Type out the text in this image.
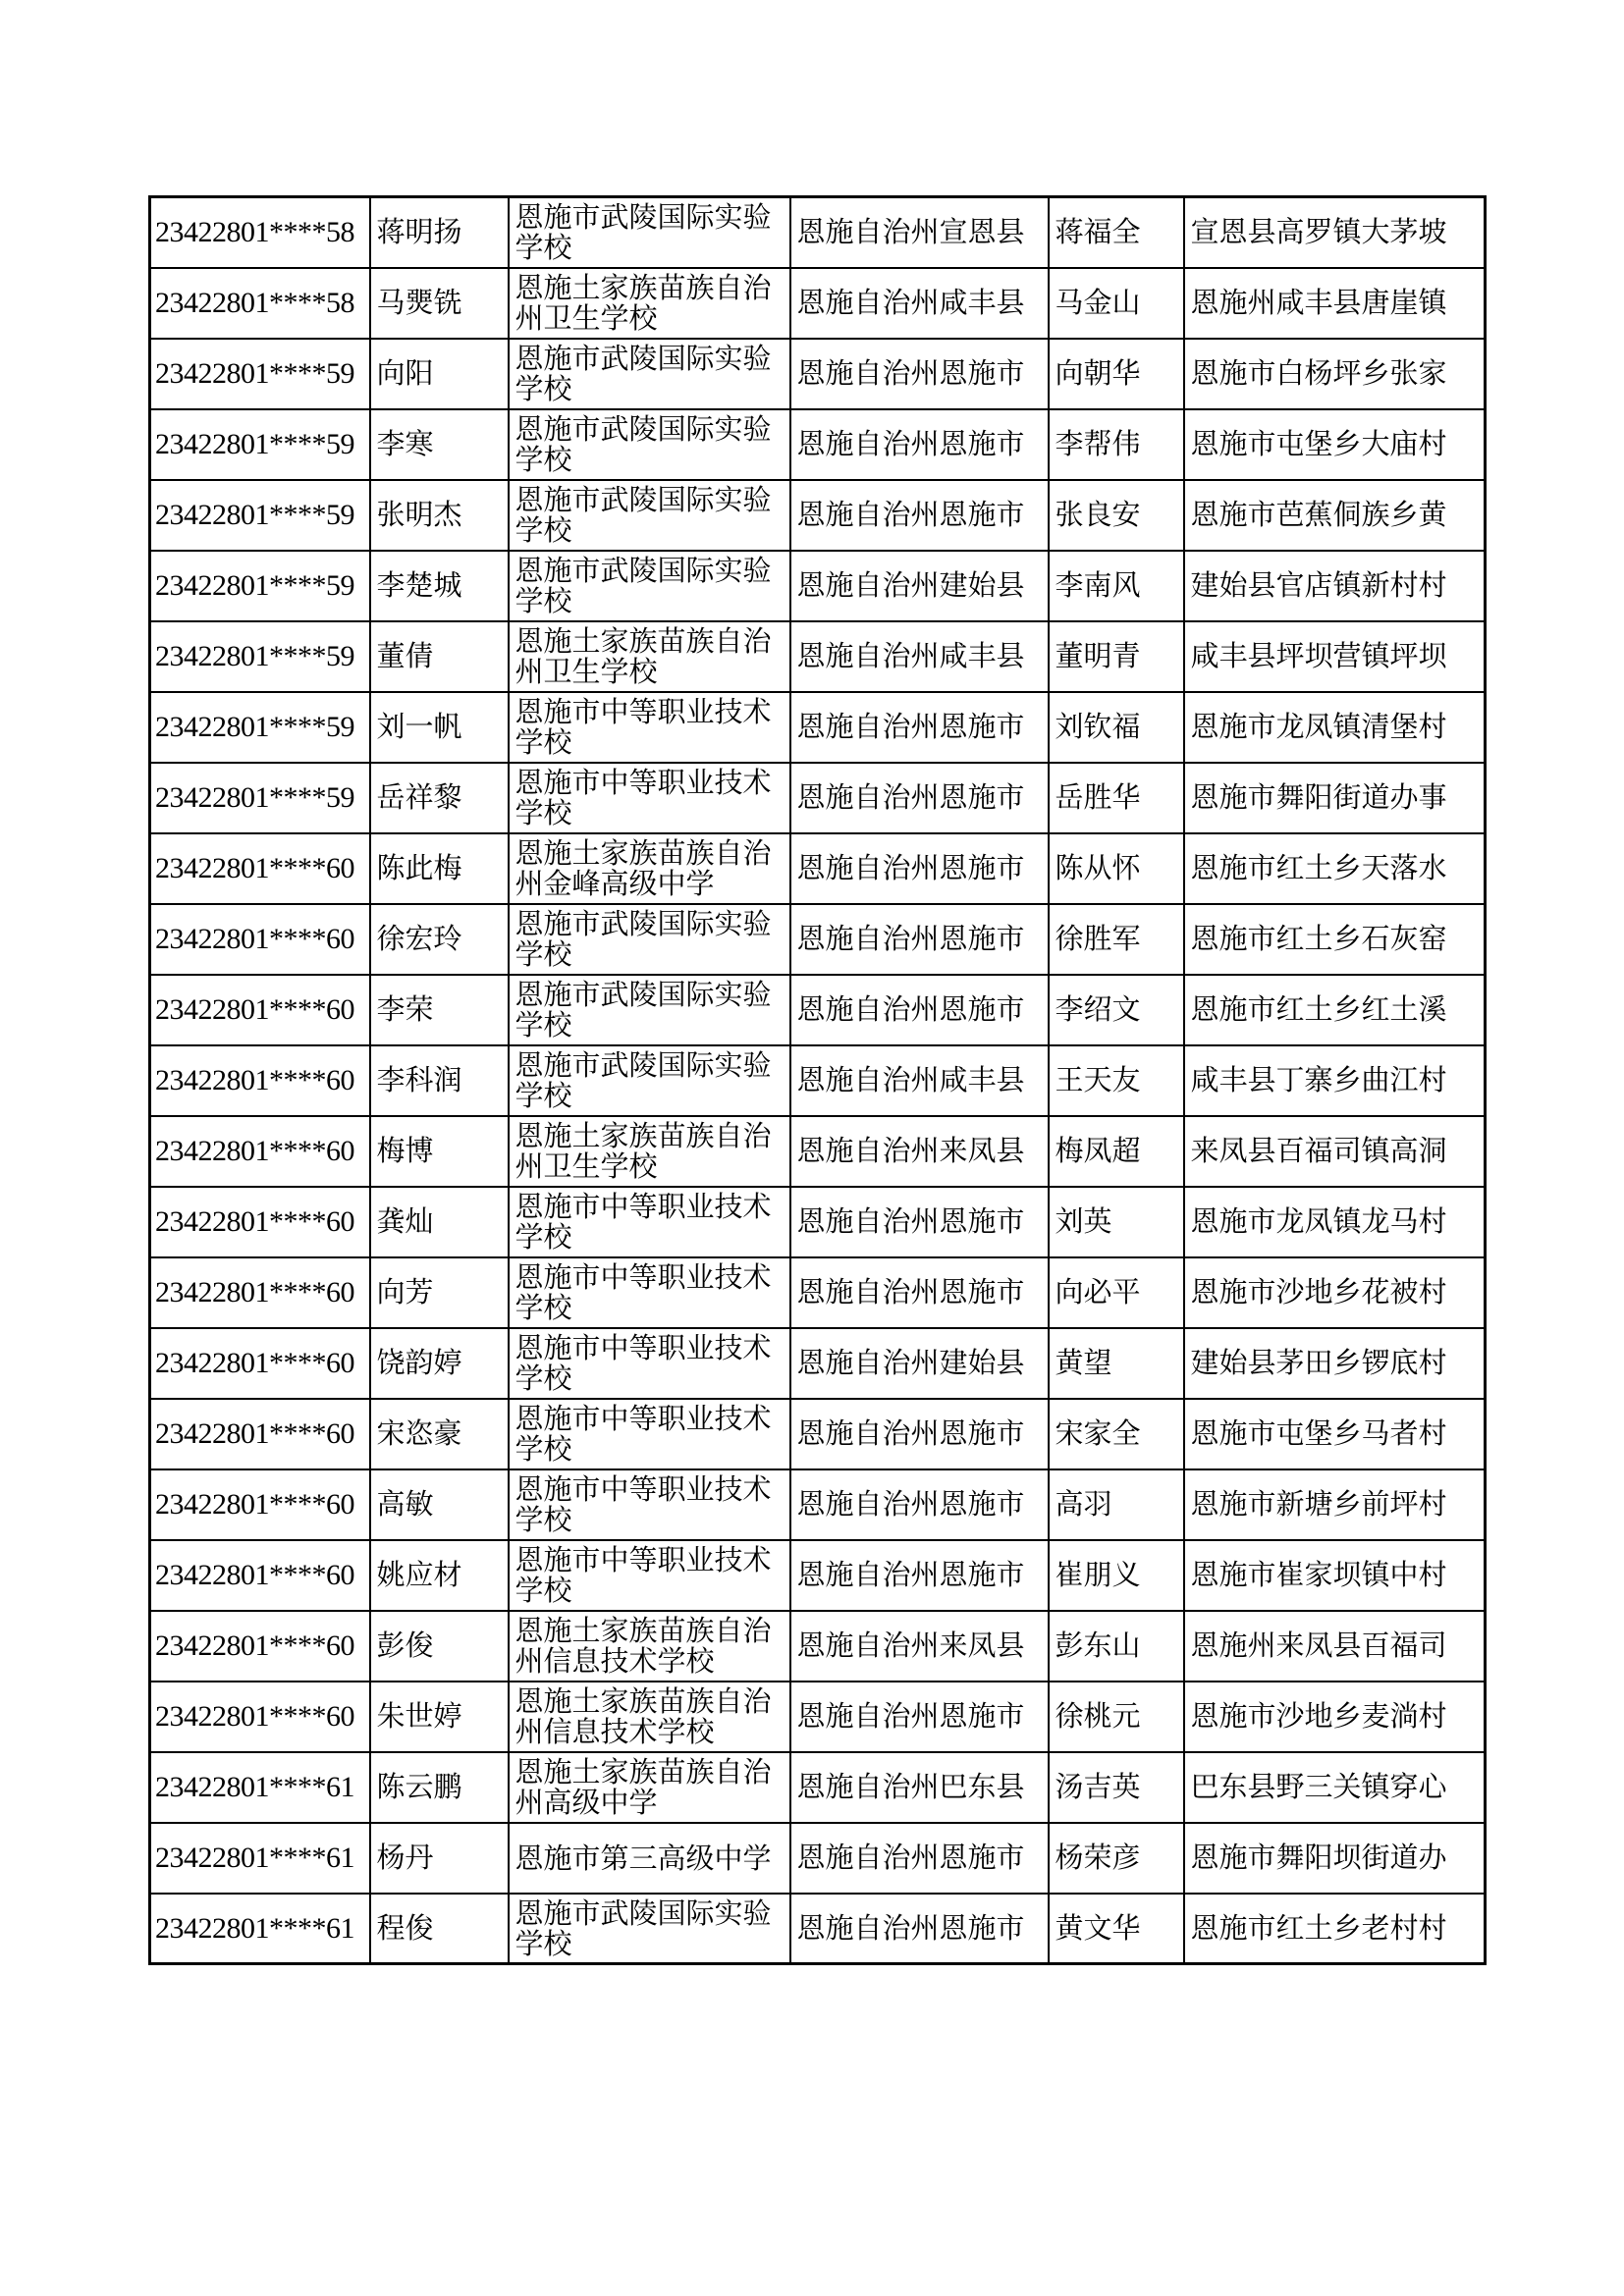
23422801****58	蒋明扬	恩施市武陵国际实验学校	恩施自治州宣恩县	蒋福全	宣恩县高罗镇大茅坡
23422801****58	马燛铣	恩施土家族苗族自治州卫生学校	恩施自治州咸丰县	马金山	恩施州咸丰县唐崖镇
23422801****59	向阳	恩施市武陵国际实验学校	恩施自治州恩施市	向朝华	恩施市白杨坪乡张家
23422801****59	李寒	恩施市武陵国际实验学校	恩施自治州恩施市	李帮伟	恩施市屯堡乡大庙村
23422801****59	张明杰	恩施市武陵国际实验学校	恩施自治州恩施市	张良安	恩施市芭蕉侗族乡黄
23422801****59	李楚城	恩施市武陵国际实验学校	恩施自治州建始县	李南风	建始县官店镇新村村
23422801****59	董倩	恩施土家族苗族自治州卫生学校	恩施自治州咸丰县	董明青	咸丰县坪坝营镇坪坝
23422801****59	刘一帆	恩施市中等职业技术学校	恩施自治州恩施市	刘钦福	恩施市龙凤镇清堡村
23422801****59	岳祥黎	恩施市中等职业技术学校	恩施自治州恩施市	岳胜华	恩施市舞阳街道办事
23422801****60	陈此梅	恩施土家族苗族自治州金峰高级中学	恩施自治州恩施市	陈从怀	恩施市红土乡天落水
23422801****60	徐宏玲	恩施市武陵国际实验学校	恩施自治州恩施市	徐胜军	恩施市红土乡石灰窑
23422801****60	李荣	恩施市武陵国际实验学校	恩施自治州恩施市	李绍文	恩施市红土乡红土溪
23422801****60	李科润	恩施市武陵国际实验学校	恩施自治州咸丰县	王天友	咸丰县丁寨乡曲江村
23422801****60	梅博	恩施土家族苗族自治州卫生学校	恩施自治州来凤县	梅凤超	来凤县百福司镇高洞
23422801****60	龚灿	恩施市中等职业技术学校	恩施自治州恩施市	刘英	恩施市龙凤镇龙马村
23422801****60	向芳	恩施市中等职业技术学校	恩施自治州恩施市	向必平	恩施市沙地乡花被村
23422801****60	饶韵婷	恩施市中等职业技术学校	恩施自治州建始县	黄望	建始县茅田乡锣底村
23422801****60	宋恣豪	恩施市中等职业技术学校	恩施自治州恩施市	宋家全	恩施市屯堡乡马者村
23422801****60	高敏	恩施市中等职业技术学校	恩施自治州恩施市	高羽	恩施市新塘乡前坪村
23422801****60	姚应材	恩施市中等职业技术学校	恩施自治州恩施市	崔朋义	恩施市崔家坝镇中村
23422801****60	彭俊	恩施土家族苗族自治州信息技术学校	恩施自治州来凤县	彭东山	恩施州来凤县百福司
23422801****60	朱世婷	恩施土家族苗族自治州信息技术学校	恩施自治州恩施市	徐桃元	恩施市沙地乡麦淌村
23422801****61	陈云鹏	恩施土家族苗族自治州高级中学	恩施自治州巴东县	汤吉英	巴东县野三关镇穿心
23422801****61	杨丹	恩施市第三高级中学	恩施自治州恩施市	杨荣彦	恩施市舞阳坝街道办
23422801****61	程俊	恩施市武陵国际实验学校	恩施自治州恩施市	黄文华	恩施市红土乡老村村
